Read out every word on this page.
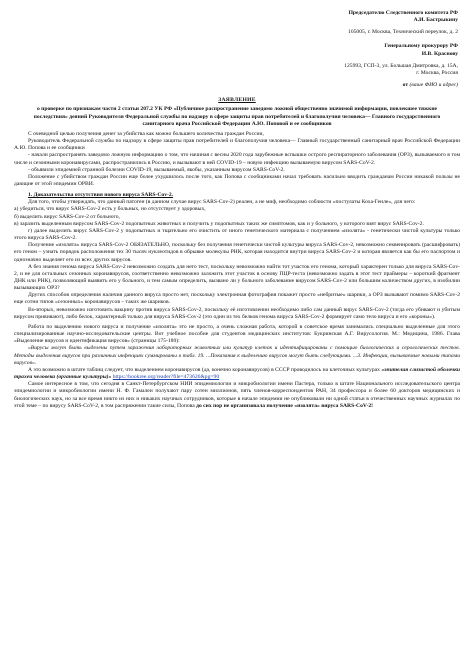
Председателю Следственного комитета РФ
А.И. Бастрыкину
105005, г. Москва, Технический переулок, д. 2
Генеральному прокурору РФ
И.В. Краснову
125993, ГСП-3, ул. Большая Дмитровка, д. 15А,
г. Москва, Россия
от (ваше ФИО и адрес)
ЗАЯВЛЕНИЕ
о проверке по признакам части 2 статьи 207.2 УК РФ «Публичное распространение заведомо ложной общественно значимой информации, повлекшее тяжкие последствия» деяний Руководителя Федеральной службы по надзору в сфере защиты прав потребителей и благополучия человека— Главного государственного санитарного врача Российской Федерации А.Ю. Поповой и ее сообщников

С очевидной целью получения денег за убийства как можно большего количества граждан России,

Руководитель Федеральной службы по надзору в сфере защиты прав потребителей и благополучия человека— Главный государственный санитарный врач Российской Федерации А.Ю. Попова и ее сообщники

- начали распространять заведомо ложную информацию о том, что начиная с весны 2020 года зарубежные вспышки острого респираторного заболевания (ОРЗ), вызываемого в том числе и сезонными коронавирусами, распространились в Россию, и вызывают в ней COVID-19 – новую инфекцию вызываемую вирусом SARS-CoV-2.

- объявили эпидемией странной болезни COVID-19, вызываемый, якобы, указанным вирусом SARS-CoV-2.

Положение с убийством граждан России еще более ухудшилось после того, как Попова с сообщниками начал требовать насильно вводить гражданам России никакой пользы не дающие от этой эпидемии ОРВИ.

1. Доказательства отсутствия нового вируса SARS-Cov-2.

Для того, чтобы утверждать, что данный патоген (в данном случае вирус SARS-Cov-2) реален, а не миф, необходимо соблюсти «постулаты Коха-Генле», для чего:

а) убедиться, что вирус SARS-Cov-2 есть у больных, но отсутствует у здоровых,

б) выделить вирус SARS-Cov-2 от больного,

в) заразить выделенным вирусом SARS-Cov-2 подопытных животных и получить у подопытных таких же симптомов, как и у больного, у которого взят вирус SARS-Cov-2.

г) далее выделить вирус SARS-Cov-2 у подопытных и тщательно его очистить от иного генетического материала с получением «изолята» - генетически чистой культуры только этого вируса SARS-Cov-2.

Получение «изолята» вируса SARS-Cov-2 ОБЯЗАТЕЛЬНО, поскольку без получения генетически чистой культуры вируса SARS-Cov-2, невозможно секвенировать (расшифровать) его геном – узнать порядок расположения тех 30 тысяч нуклеотидов в обрывке молекулы РНК, которая находится внутри вируса SARS-Cov-2 и которая является как бы его паспортом и однозначно выделяет его из всех других вирусов.

А без знания генома вируса SARS-Cov-2 невозможно создать для него тест, поскольку невозможно найти тот участок его генома, который характерен только для вируса SARS-Cov-2, и не для остальных сезонных коронавирусов, соответственно невозможно заложить этот участок в основу ПЦР-теста (невозможно задать в этот тест праймеры – короткий фрагмент ДНК или РНК), позволяющий выявить его у больного, и тем самым определить, вызвано ли у больного заболевание вирусом SARS-Cov-2 или большим количеством других, в изобилии вызывающих ОРЗ?

Других способов определения наличия данного вируса просто нет, поскольку электронная фотография покажет просто «небритые» шарики, а ОРЗ вызывают помимо SARS-Cov-2 еще сотни типов «сезонных» коронавирусов – таких же шариков.

Во-вторых, невозможно изготовить вакцину против вируса SARS-Cov-2, поскольку её изготовлении необходимо либо сам данный вирус SARS-Cov-2 (тогда его убивают и убитым вирусом прививают), либо белок, характерный только для вируса SARS-Cov-2 (это один из тех белков генома вируса SARS-Cov-2 формирует само тело вируса и его «короны»).

Работа по выделению нового вируса и получение «изолята» это не просто, а очень сложная работа, которой в советское время занимались специально выделенные для этого специализированные научно-исследовательские центры. Вот учебное пособие для студентов медицинских институтов: Букринская А.Г. Вирусология. М.: Медицина, 1986. Глава «Выделение вирусов и идентификация вирусов» (страницы 175-180):

«Вирусы могут быть выделены путем заражения лабораторных животных или культур клеток и идентифицированы с помощью биологических и серологических тестов. Методы выделения вирусов при различных инфекциях суммированы в табл. 19. ...Показания к выделению вирусов могут быть следующими. ...3. Инфекции, вызываемые новыми типами вирусов».

А это возможно в штате таблиц следует, что выделением коронавирусов (да, конечно коронавирусов) в СССР проводилось на клеточных культурах «эпителия слизистой оболочки трахеи человека (органные культуры)» https://bookree.org/reader?file=473626&pg=90

Самое интересное в том, что сегодня в Санкт-Петербургском НИИ эпидемиологии и микробиологии имени Пастера, только в штате Национального исследовательского центра эпидемиологии и микробиологии имени Н. Ф. Гамалеи получают пару сотен миллионов, пять членов-корреспондентов РАН, 34 профессора и более 60 докторов медицинских и биологических наук, но за все время никто из них и никаких научных сотрудников, которые в начале эпидемии не опубликовали ни одной статьи в отечественных научных журналах по этой теме – по вирусу SARS-CoV-2, в том распряжении такие силы, Попова до сих пор не организовала получение «изолята» вируса SARS-CoV-2!
